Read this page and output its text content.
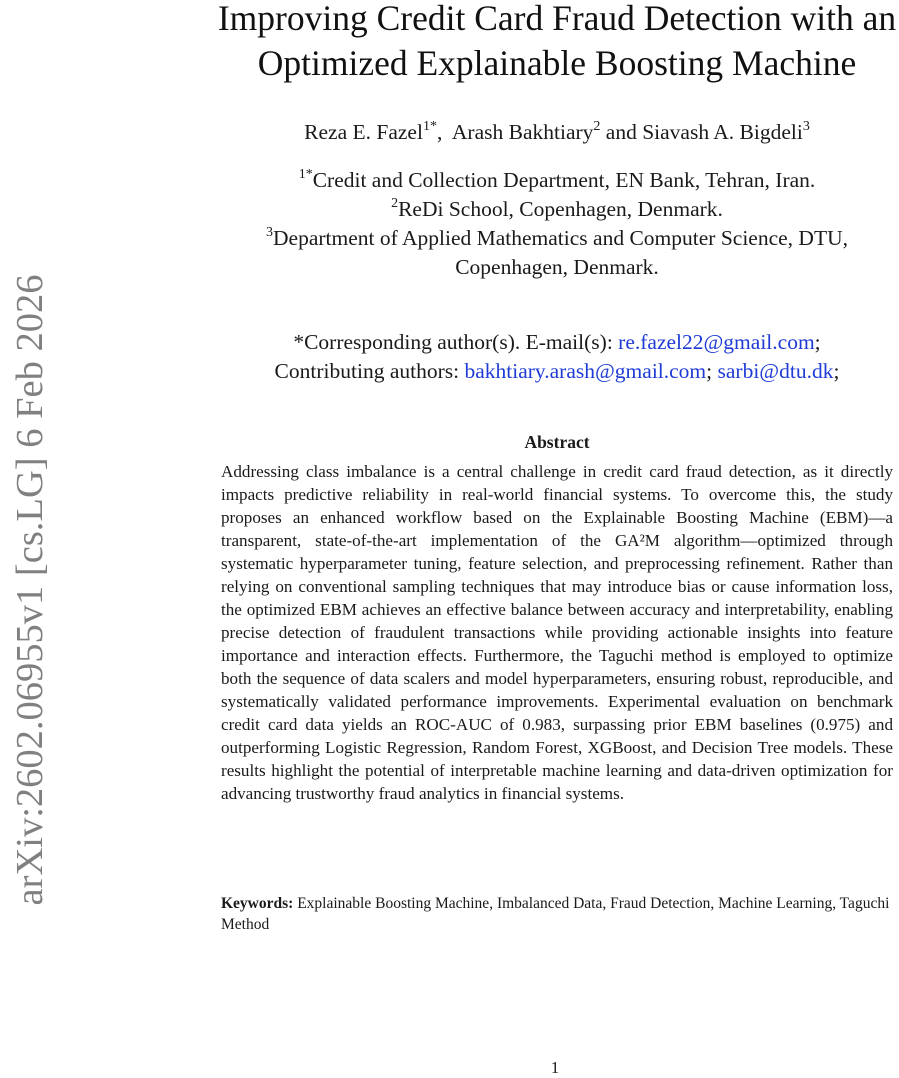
arXiv:2602.06955v1 [cs.LG] 6 Feb 2026
Improving Credit Card Fraud Detection with an
Optimized Explainable Boosting Machine
Reza E. Fazel$^{1*}$,  Arash Bakhtiary$^2$ and Siavash A. Bigdeli$^3$
$^{1*}$Credit and Collection Department, EN Bank, Tehran, Iran.
$^2$ReDi School, Copenhagen, Denmark.
$^3$Department of Applied Mathematics and Computer Science, DTU,
Copenhagen, Denmark.
*Corresponding author(s). E-mail(s): re.fazel22@gmail.com;
Contributing authors: bakhtiary.arash@gmail.com; sarbi@dtu.dk;
Abstract
Addressing class imbalance is a central challenge in credit card fraud detection, as it directly impacts predictive reliability in real-world financial systems. To overcome this, the study proposes an enhanced workflow based on the Explainable Boosting Machine (EBM)—a transparent, state-of-the-art implementation of the GA²M algorithm—optimized through systematic hyperparameter tuning, feature selection, and preprocessing refinement. Rather than relying on conventional sampling techniques that may introduce bias or cause information loss, the optimized EBM achieves an effective balance between accuracy and interpretability, enabling precise detection of fraudulent transactions while providing actionable insights into feature importance and interaction effects. Furthermore, the Taguchi method is employed to optimize both the sequence of data scalers and model hyperparameters, ensuring robust, reproducible, and systematically validated performance improvements. Experimental evaluation on benchmark credit card data yields an ROC-AUC of 0.983, surpassing prior EBM baselines (0.975) and outperforming Logistic Regression, Random Forest, XGBoost, and Decision Tree models. These results highlight the potential of interpretable machine learning and data-driven optimization for advancing trustworthy fraud analytics in financial systems.
Keywords: Explainable Boosting Machine, Imbalanced Data, Fraud Detection, Machine Learning, Taguchi Method
1
